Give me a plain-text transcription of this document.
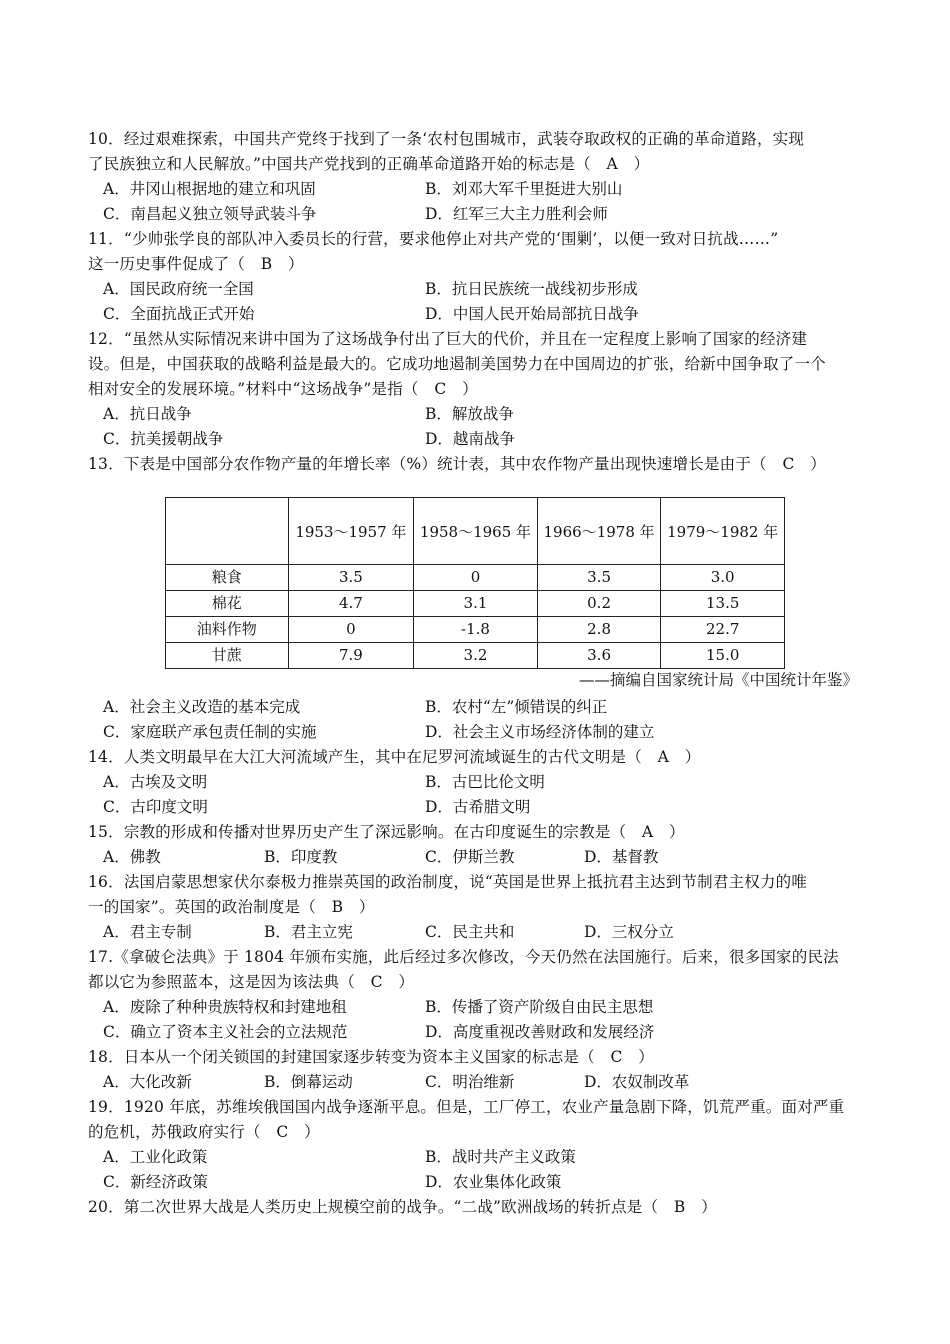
10．经过艰难探索，中国共产党终于找到了一条‘农村包围城市，武装夺取政权的正确的革命道路，实现
了民族独立和人民解放。”中国共产党找到的正确革命道路开始的标志是（　A　）
A．井冈山根据地的建立和巩固	B．刘邓大军千里挺进大别山
C．南昌起义独立领导武装斗争	D．红军三大主力胜利会师
11．“少帅张学良的部队冲入委员长的行营，要求他停止对共产党的‘围剿’，以便一致对日抗战……”
这一历史事件促成了（　B　）
A．国民政府统一全国	B．抗日民族统一战线初步形成
C．全面抗战正式开始	D．中国人民开始局部抗日战争
12．“虽然从实际情况来讲中国为了这场战争付出了巨大的代价，并且在一定程度上影响了国家的经济建
设。但是，中国获取的战略利益是最大的。它成功地遏制美国势力在中国周边的扩张，给新中国争取了一个
相对安全的发展环境。”材料中“这场战争”是指（　C　）
A．抗日战争	B．解放战争
C．抗美援朝战争	D．越南战争
13．下表是中国部分农作物产量的年增长率（%）统计表，其中农作物产量出现快速增长是由于（　C　）
	1953～1957 年	1958～1965 年	1966～1978 年	1979～1982 年
粮食	3.5	0	3.5	3.0
棉花	4.7	3.1	0.2	13.5
油料作物	0	-1.8	2.8	22.7
甘蔗	7.9	3.2	3.6	15.0
——摘编自国家统计局《中国统计年鉴》
A．社会主义改造的基本完成	B．农村“左”倾错误的纠正
C．家庭联产承包责任制的实施	D．社会主义市场经济体制的建立
14．人类文明最早在大江大河流域产生，其中在尼罗河流域诞生的古代文明是（　A　）
A．古埃及文明	B．古巴比伦文明
C．古印度文明	D．古希腊文明
15．宗教的形成和传播对世界历史产生了深远影响。在古印度诞生的宗教是（　A　）
A．佛教	B．印度教	C．伊斯兰教	D．基督教
16．法国启蒙思想家伏尔泰极力推崇英国的政治制度，说“英国是世界上抵抗君主达到节制君主权力的唯
一的国家”。英国的政治制度是（　B　）
A．君主专制	B．君主立宪	C．民主共和	D．三权分立
17.《拿破仑法典》于 1804 年颁布实施，此后经过多次修改，今天仍然在法国施行。后来，很多国家的民法
都以它为参照蓝本，这是因为该法典（　C　）
A．废除了种种贵族特权和封建地租	B．传播了资产阶级自由民主思想
C．确立了资本主义社会的立法规范	D．高度重视改善财政和发展经济
18．日本从一个闭关锁国的封建国家逐步转变为资本主义国家的标志是（　C　）
A．大化改新	B．倒幕运动	C．明治维新	D．农奴制改革
19．1920 年底，苏维埃俄国国内战争逐渐平息。但是，工厂停工，农业产量急剧下降，饥荒严重。面对严重
的危机，苏俄政府实行（　C　）
A．工业化政策	B．战时共产主义政策
C．新经济政策	D．农业集体化政策
20．第二次世界大战是人类历史上规模空前的战争。“二战”欧洲战场的转折点是（　B　）
